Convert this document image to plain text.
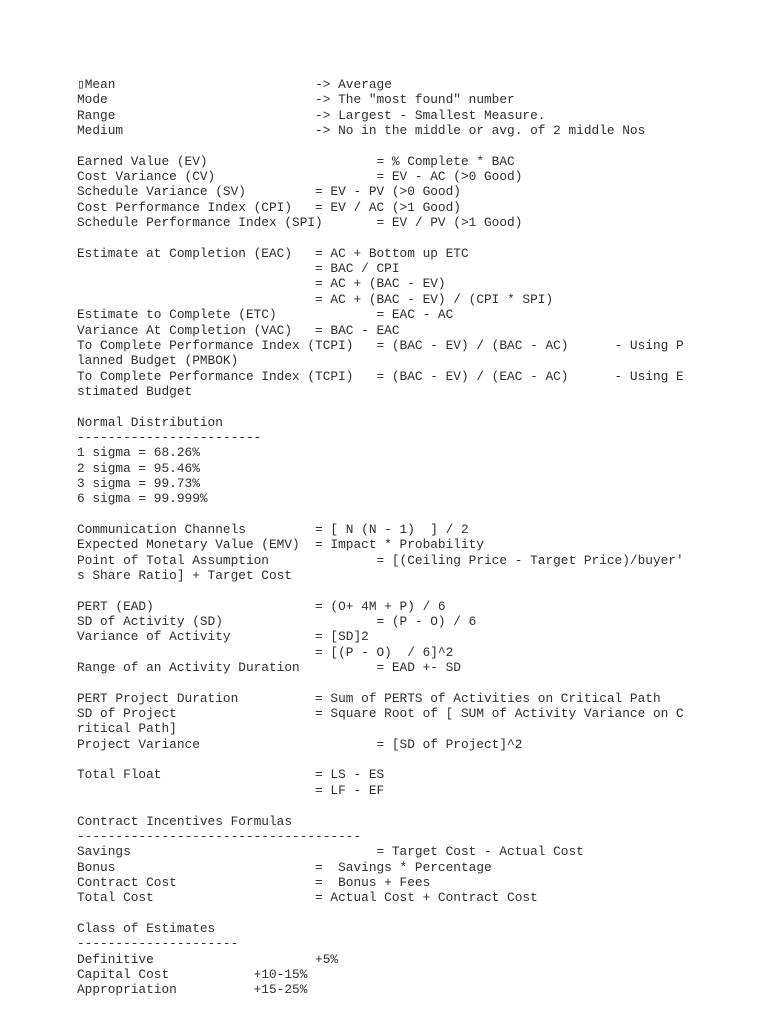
▯Mean                          -> Average
Mode                           -> The "most found" number
Range                          -> Largest - Smallest Measure.
Medium                         -> No in the middle or avg. of 2 middle Nos
Earned Value (EV)                      = % Complete * BAC
Cost Variance (CV)                     = EV - AC (>0 Good)
Schedule Variance (SV)         = EV - PV (>0 Good)
Cost Performance Index (CPI)   = EV / AC (>1 Good)
Schedule Performance Index (SPI)       = EV / PV (>1 Good)
Estimate at Completion (EAC)   = AC + Bottom up ETC
= BAC / CPI
= AC + (BAC - EV)
= AC + (BAC - EV) / (CPI * SPI)
Estimate to Complete (ETC)             = EAC - AC
Variance At Completion (VAC)   = BAC - EAC
To Complete Performance Index (TCPI)   = (BAC - EV) / (BAC - AC)      - Using P
lanned Budget (PMBOK)
To Complete Performance Index (TCPI)   = (BAC - EV) / (EAC - AC)      - Using E
stimated Budget
Normal Distribution
------------------------
1 sigma = 68.26%
2 sigma = 95.46%
3 sigma = 99.73%
6 sigma = 99.999%
Communication Channels         = [ N (N - 1)  ] / 2
Expected Monetary Value (EMV)  = Impact * Probability
Point of Total Assumption              = [(Ceiling Price - Target Price)/buyer'
s Share Ratio] + Target Cost
PERT (EAD)                     = (O+ 4M + P) / 6
SD of Activity (SD)                    = (P - O) / 6
Variance of Activity           = [SD]2
= [(P - O)  / 6]^2
Range of an Activity Duration          = EAD +- SD
PERT Project Duration          = Sum of PERTS of Activities on Critical Path
SD of Project                  = Square Root of [ SUM of Activity Variance on C
ritical Path]
Project Variance                       = [SD of Project]^2
Total Float                    = LS - ES
= LF - EF
Contract Incentives Formulas
-------------------------------------
Savings                                = Target Cost - Actual Cost
Bonus                          =  Savings * Percentage
Contract Cost                  =  Bonus + Fees
Total Cost                     = Actual Cost + Contract Cost
Class of Estimates
---------------------
Definitive                     +5%
Capital Cost           +10-15%
Appropriation          +15-25%
